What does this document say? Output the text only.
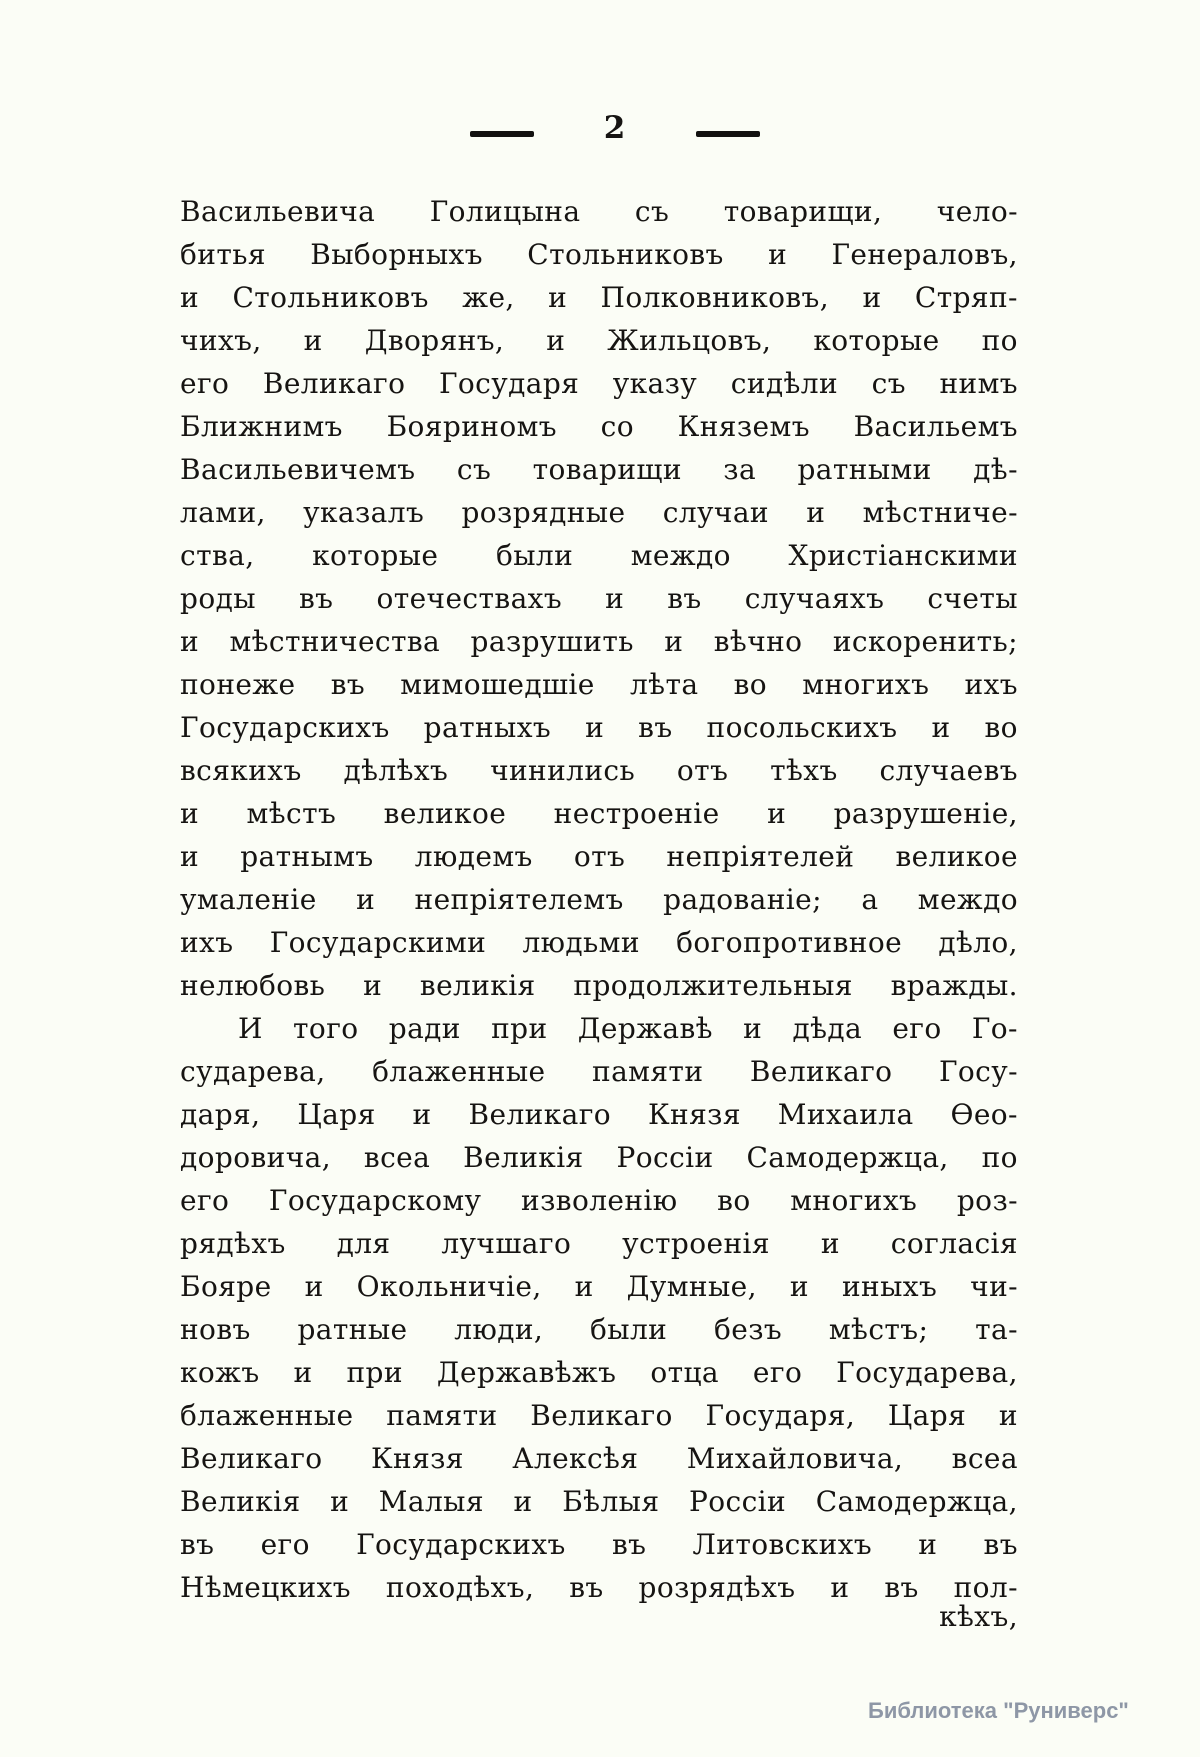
2
Васильевича Голицына съ товарищи, чело-
битья Выборныхъ Стольниковъ и Генераловъ,
и Стольниковъ же, и Полковниковъ, и Стряп-
чихъ, и Дворянъ, и Жильцовъ, которые по
его Великаго Государя указу сидѣли съ нимъ
Ближнимъ Бояриномъ со Княземъ Васильемъ
Васильевичемъ съ товарищи за ратными дѣ-
лами, указалъ розрядные случаи и мѣстниче-
ства, которые были междо Христіанскими
роды въ отечествахъ и въ случаяхъ счеты
и мѣстничества разрушить и вѣчно искоренить;
понеже въ мимошедшіе лѣта во многихъ ихъ
Государскихъ ратныхъ и въ посольскихъ и во
всякихъ дѣлѣхъ чинились отъ тѣхъ случаевъ
и мѣстъ великое нестроеніе и разрушеніе,
и ратнымъ людемъ отъ непріятелей великое
умаленіе и непріятелемъ радованіе; а междо
ихъ Государскими людьми богопротивное дѣло,
нелюбовь и великія продолжительныя вражды.
И того ради при Державѣ и дѣда его Го-
сударева, блаженные памяти Великаго Госу-
даря, Царя и Великаго Князя Михаила Ѳео-
доровича, всеа Великія Россіи Самодержца, по
его Государскому изволенію во многихъ роз-
рядѣхъ для лучшаго устроенія и согласія
Бояре и Окольничіе, и Думные, и иныхъ чи-
новъ ратные люди, были безъ мѣстъ; та-
кожъ и при Державѣжъ отца его Государева,
блаженные памяти Великаго Государя, Царя и
Великаго Князя Алексѣя Михайловича, всеа
Великія и Малыя и Бѣлыя Россіи Самодержца,
въ его Государскихъ въ Литовскихъ и въ
Нѣмецкихъ походѣхъ, въ розрядѣхъ и въ пол-
кѣхъ,
Библиотека "Руниверс"
